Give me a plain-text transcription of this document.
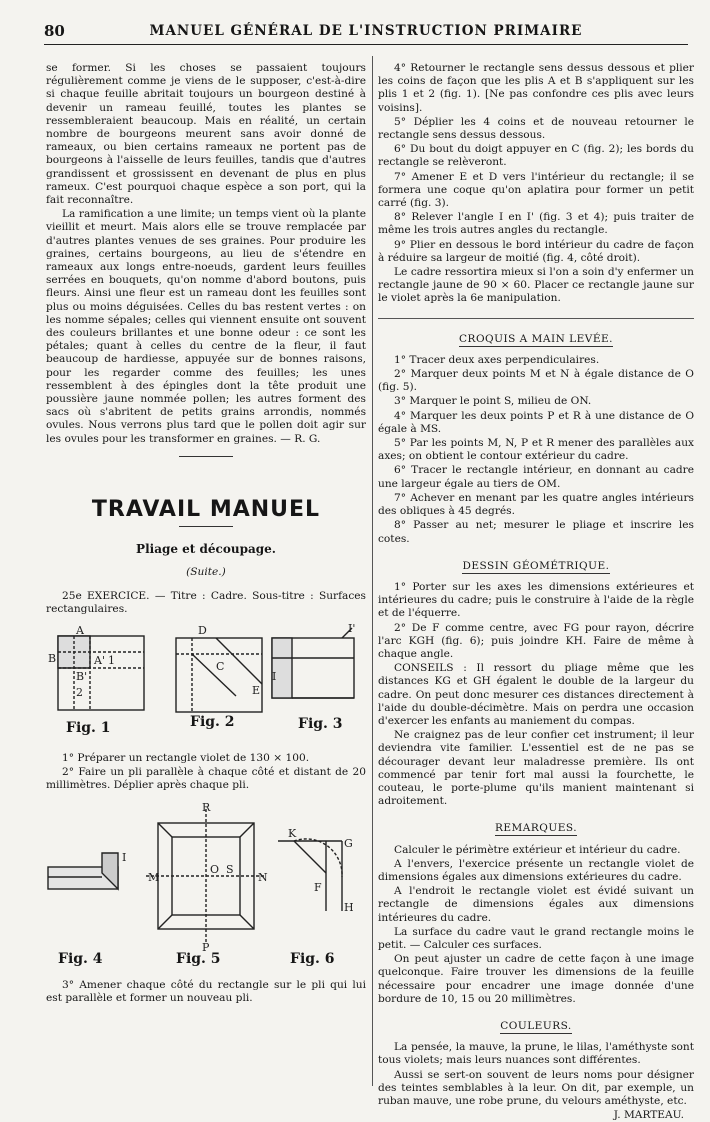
80	MANUEL GÉNÉRAL DE L'INSTRUCTION PRIMAIRE

se former. Si les choses se passaient toujours régulièrement comme je viens de le supposer, c'est-à-dire si chaque feuille abritait toujours un bourgeon destiné à devenir un rameau feuillé, toutes les plantes se ressembleraient beaucoup. Mais en réalité, un certain nombre de bourgeons meurent sans avoir donné de rameaux, ou bien certains rameaux ne portent pas de bourgeons à l'aisselle de leurs feuilles, tandis que d'autres grandissent et grossissent en devenant de plus en plus rameux. C'est pourquoi chaque espèce a son port, qui la fait reconnaître.

La ramification a une limite; un temps vient où la plante vieillit et meurt. Mais alors elle se trouve remplacée par d'autres plantes venues de ses graines. Pour produire les graines, certains bourgeons, au lieu de s'étendre en rameaux aux longs entre-noeuds, gardent leurs feuilles serrées en bouquets, qu'on nomme d'abord boutons, puis fleurs. Ainsi une fleur est un rameau dont les feuilles sont plus ou moins déguisées. Celles du bas restent vertes : on les nomme sépales; celles qui viennent ensuite ont souvent des couleurs brillantes et une bonne odeur : ce sont les pétales; quant à celles du centre de la fleur, il faut beaucoup de hardiesse, appuyée sur de bonnes raisons, pour les regarder comme des feuilles; les unes ressemblent à des épingles dont la tête produit une poussière jaune nommée pollen; les autres forment des sacs où s'abritent de petits grains arrondis, nommés ovules. Nous verrons plus tard que le pollen doit agir sur les ovules pour les transformer en graines. — R. G.

TRAVAIL MANUEL
Pliage et découpage.
(Suite.)

25e EXERCICE. — Titre : Cadre. Sous-titre : Surfaces rectangulaires.

A
B	A' 1
B'
2
D
C
E
I
I'
Fig. 1	Fig. 2	Fig. 3

1° Préparer un rectangle violet de 130 × 100.

2° Faire un pli parallèle à chaque côté et distant de 20 millimètres. Déplier après chaque pli.

I
M	N
O S
R
P
K
G
F
H
Fig. 4	Fig. 5	Fig. 6

3° Amener chaque côté du rectangle sur le pli qui lui est parallèle et former un nouveau pli.

4° Retourner le rectangle sens dessus dessous et plier les coins de façon que les plis A et B s'appliquent sur les plis 1 et 2 (fig. 1). [Ne pas confondre ces plis avec leurs voisins].

5° Déplier les 4 coins et de nouveau retourner le rectangle sens dessus dessous.

6° Du bout du doigt appuyer en C (fig. 2); les bords du rectangle se relèveront.

7° Amener E et D vers l'intérieur du rectangle; il se formera une coque qu'on aplatira pour former un petit carré (fig. 3).

8° Relever l'angle I en I' (fig. 3 et 4); puis traiter de même les trois autres angles du rectangle.

9° Plier en dessous le bord intérieur du cadre de façon à réduire sa largeur de moitié (fig. 4, côté droit).

Le cadre ressortira mieux si l'on a soin d'y enfermer un rectangle jaune de 90 × 60. Placer ce rectangle jaune sur le violet après la 6e manipulation.

CROQUIS A MAIN LEVÉE.

1° Tracer deux axes perpendiculaires.

2° Marquer deux points M et N à égale distance de O (fig. 5).

3° Marquer le point S, milieu de ON.

4° Marquer les deux points P et R à une distance de O égale à MS.

5° Par les points M, N, P et R mener des parallèles aux axes; on obtient le contour extérieur du cadre.

6° Tracer le rectangle intérieur, en donnant au cadre une largeur égale au tiers de OM.

7° Achever en menant par les quatre angles intérieurs des obliques à 45 degrés.

8° Passer au net; mesurer le pliage et inscrire les cotes.

DESSIN GÉOMÉTRIQUE.

1° Porter sur les axes les dimensions extérieures et intérieures du cadre; puis le construire à l'aide de la règle et de l'équerre.

2° De F comme centre, avec FG pour rayon, décrire l'arc KGH (fig. 6); puis joindre KH. Faire de même à chaque angle.

CONSEILS : Il ressort du pliage même que les distances KG et GH égalent le double de la largeur du cadre. On peut donc mesurer ces distances directement à l'aide du double-décimètre. Mais on perdra une occasion d'exercer les enfants au maniement du compas.

Ne craignez pas de leur confier cet instrument; il leur deviendra vite familier. L'essentiel est de ne pas se décourager devant leur maladresse première. Ils ont commencé par tenir fort mal aussi la fourchette, le couteau, le porte-plume qu'ils manient maintenant si adroitement.

REMARQUES.

Calculer le périmètre extérieur et intérieur du cadre.

A l'envers, l'exercice présente un rectangle violet de dimensions égales aux dimensions extérieures du cadre.

A l'endroit le rectangle violet est évidé suivant un rectangle de dimensions égales aux dimensions intérieures du cadre.

La surface du cadre vaut le grand rectangle moins le petit. — Calculer ces surfaces.

On peut ajuster un cadre de cette façon à une image quelconque. Faire trouver les dimensions de la feuille nécessaire pour encadrer une image donnée d'une bordure de 10, 15 ou 20 millimètres.

COULEURS.

La pensée, la mauve, la prune, le lilas, l'améthyste sont tous violets; mais leurs nuances sont différentes.

Aussi se sert-on souvent de leurs noms pour désigner des teintes semblables à la leur. On dit, par exemple, un ruban mauve, une robe prune, du velours améthyste, etc.

J. MARTEAU.
